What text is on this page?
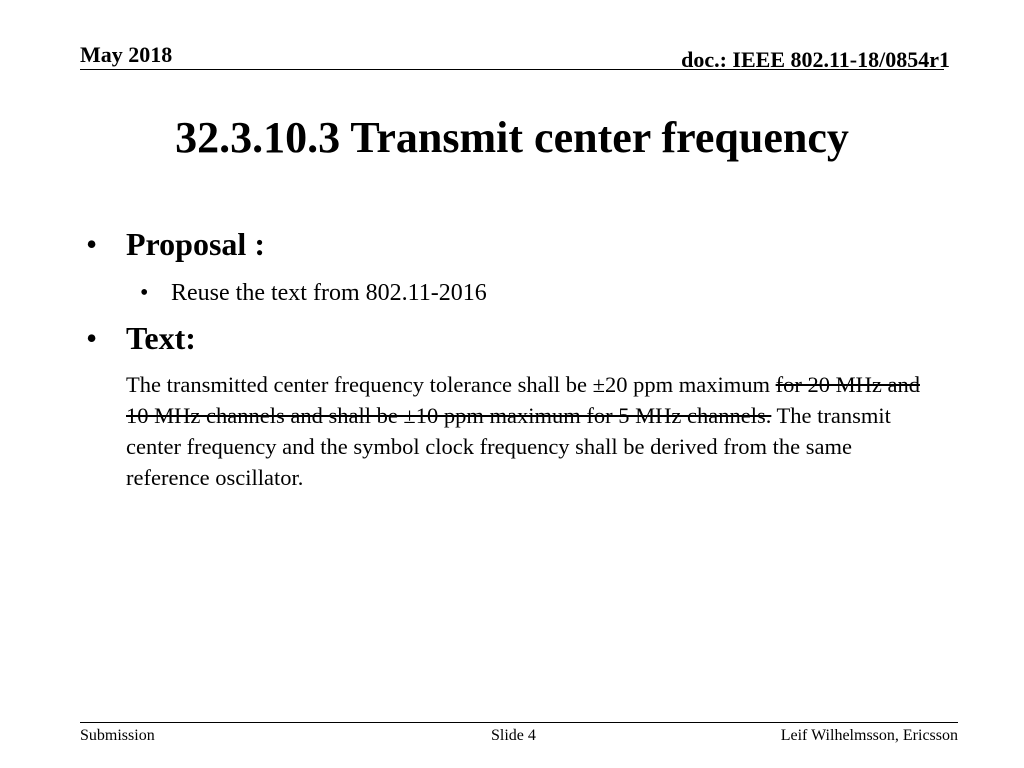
May 2018	doc.: IEEE 802.11-18/0854r1
32.3.10.3 Transmit center frequency
• Proposal :
• Reuse the text from 802.11-2016
• Text:
The transmitted center frequency tolerance shall be ±20 ppm maximum for 20 MHz and 10 MHz channels and shall be ±10 ppm maximum for 5 MHz channels. The transmit center frequency and the symbol clock frequency shall be derived from the same reference oscillator.
Submission	Slide 4	Leif Wilhelmsson, Ericsson
